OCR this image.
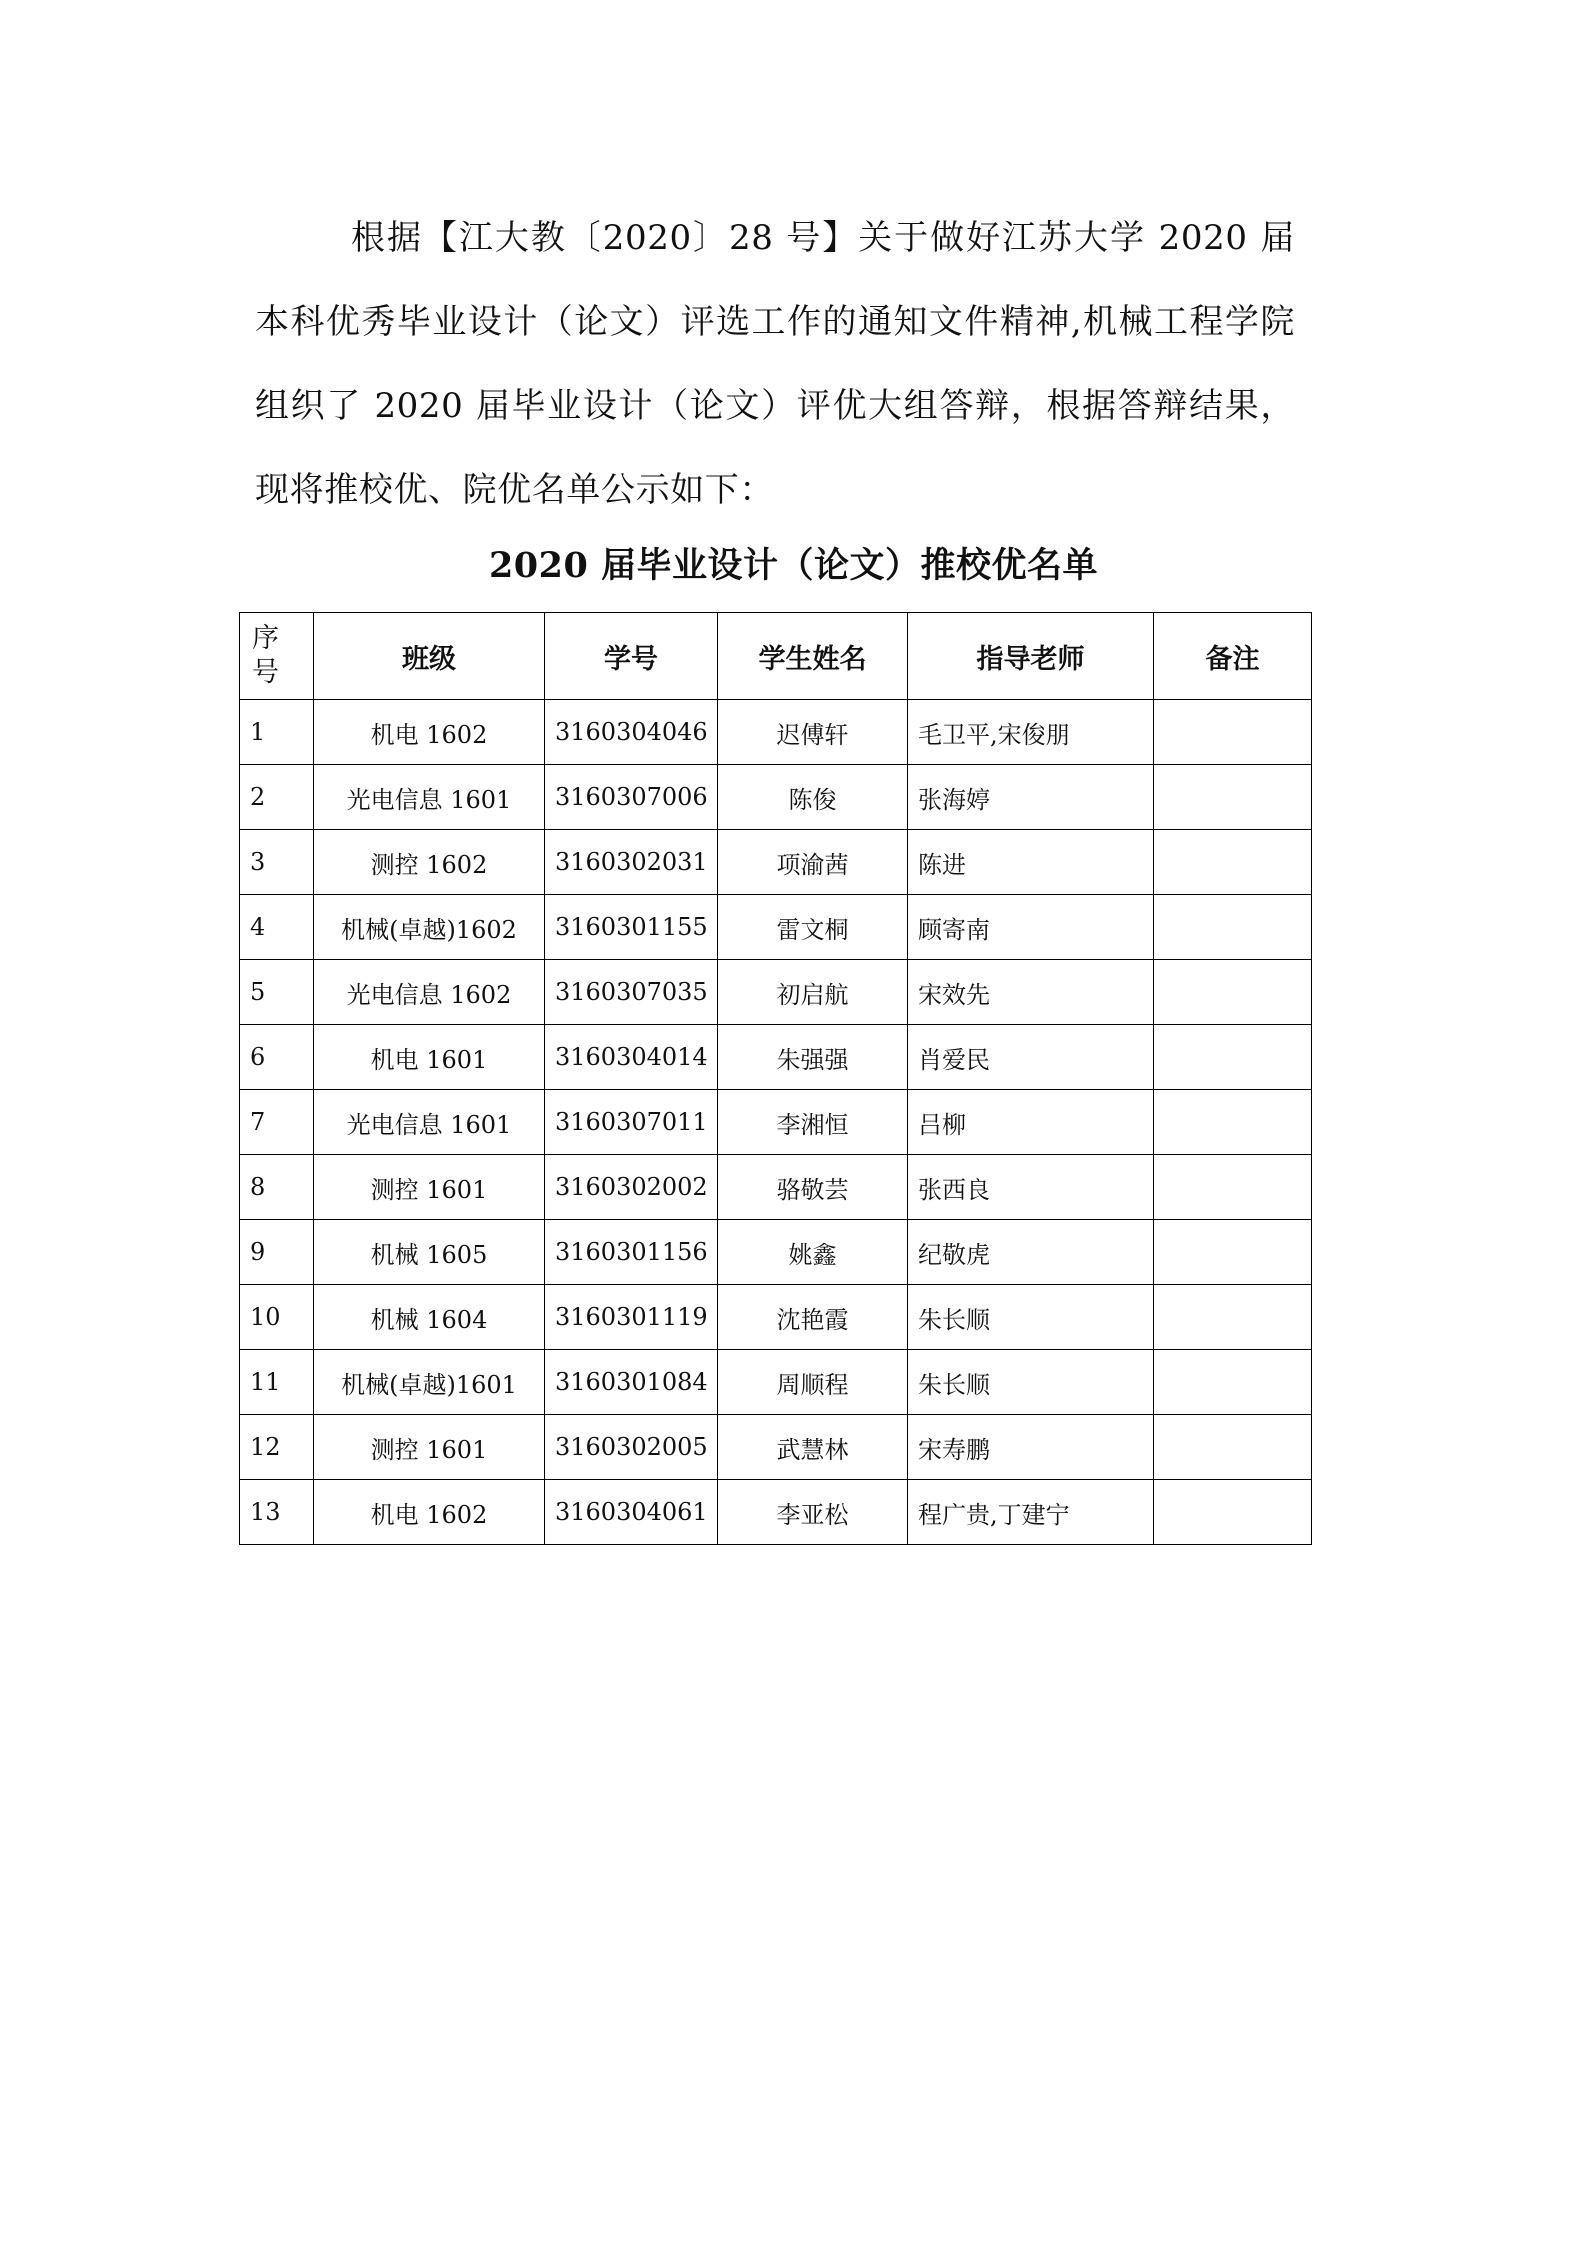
根据【江大教〔2020〕28 号】关于做好江苏大学 2020 届本科优秀毕业设计（论文）评选工作的通知文件精神,机械工程学院组织了 2020 届毕业设计（论文）评优大组答辩，根据答辩结果，现将推校优、院优名单公示如下：

2020 届毕业设计（论文）推校优名单
序号	班级	学号	学生姓名	指导老师	备注
1	机电 1602	3160304046	迟傅轩	毛卫平,宋俊朋	
2	光电信息 1601	3160307006	陈俊	张海婷	
3	测控 1602	3160302031	项渝茜	陈进	
4	机械(卓越)1602	3160301155	雷文桐	顾寄南	
5	光电信息 1602	3160307035	初启航	宋效先	
6	机电 1601	3160304014	朱强强	肖爱民	
7	光电信息 1601	3160307011	李湘恒	吕柳	
8	测控 1601	3160302002	骆敬芸	张西良	
9	机械 1605	3160301156	姚鑫	纪敬虎	
10	机械 1604	3160301119	沈艳霞	朱长顺	
11	机械(卓越)1601	3160301084	周顺程	朱长顺	
12	测控 1601	3160302005	武慧林	宋寿鹏	
13	机电 1602	3160304061	李亚松	程广贵,丁建宁	
